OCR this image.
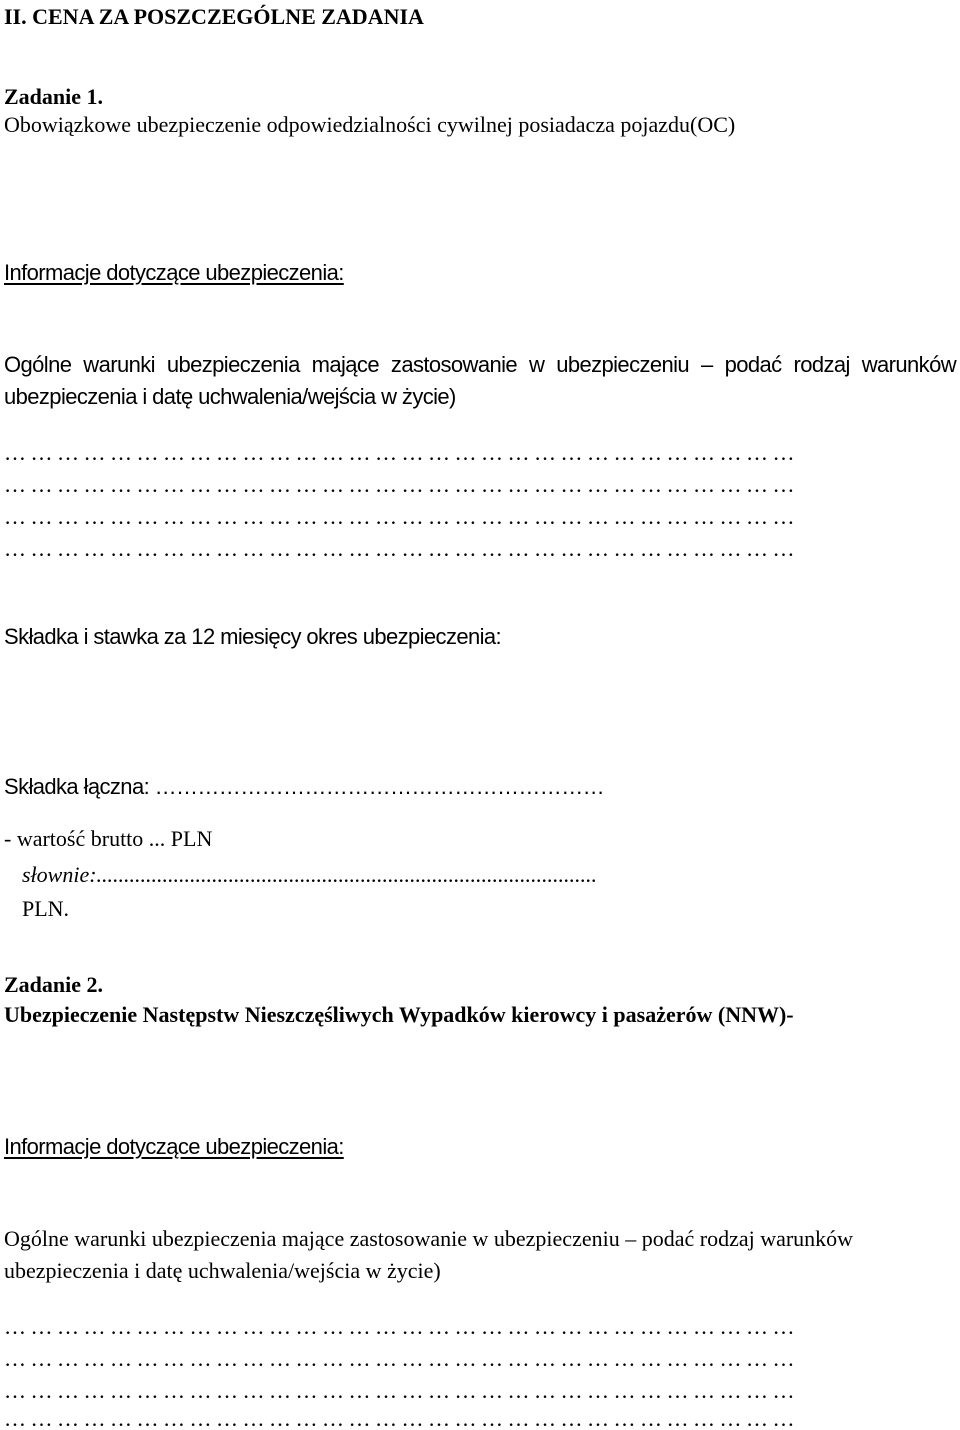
II. CENA ZA POSZCZEGÓLNE ZADANIA
Zadanie 1.
Obowiązkowe ubezpieczenie odpowiedzialności cywilnej posiadacza pojazdu(OC)
Informacje dotyczące ubezpieczenia:
Ogólne warunki ubezpieczenia mające zastosowanie w ubezpieczeniu – podać rodzaj warunków
ubezpieczenia i datę uchwalenia/wejścia w życie)
………………………………………………………………………………
………………………………………………………………………………
………………………………………………………………………………
………………………………………………………………………………
Składka i stawka za 12 miesięcy okres ubezpieczenia:
Składka łączna: ………………………………………………………
- wartość brutto ... PLN
słownie:...........................................................................................
PLN.
Zadanie 2.
Ubezpieczenie Następstw Nieszczęśliwych Wypadków kierowcy i pasażerów (NNW)-
Informacje dotyczące ubezpieczenia:
Ogólne warunki ubezpieczenia mające zastosowanie w ubezpieczeniu – podać rodzaj warunków
ubezpieczenia i datę uchwalenia/wejścia w życie)
………………………………………………………………………………
………………………………………………………………………………
………………………………………………………………………………
………………………………………………………………………………
